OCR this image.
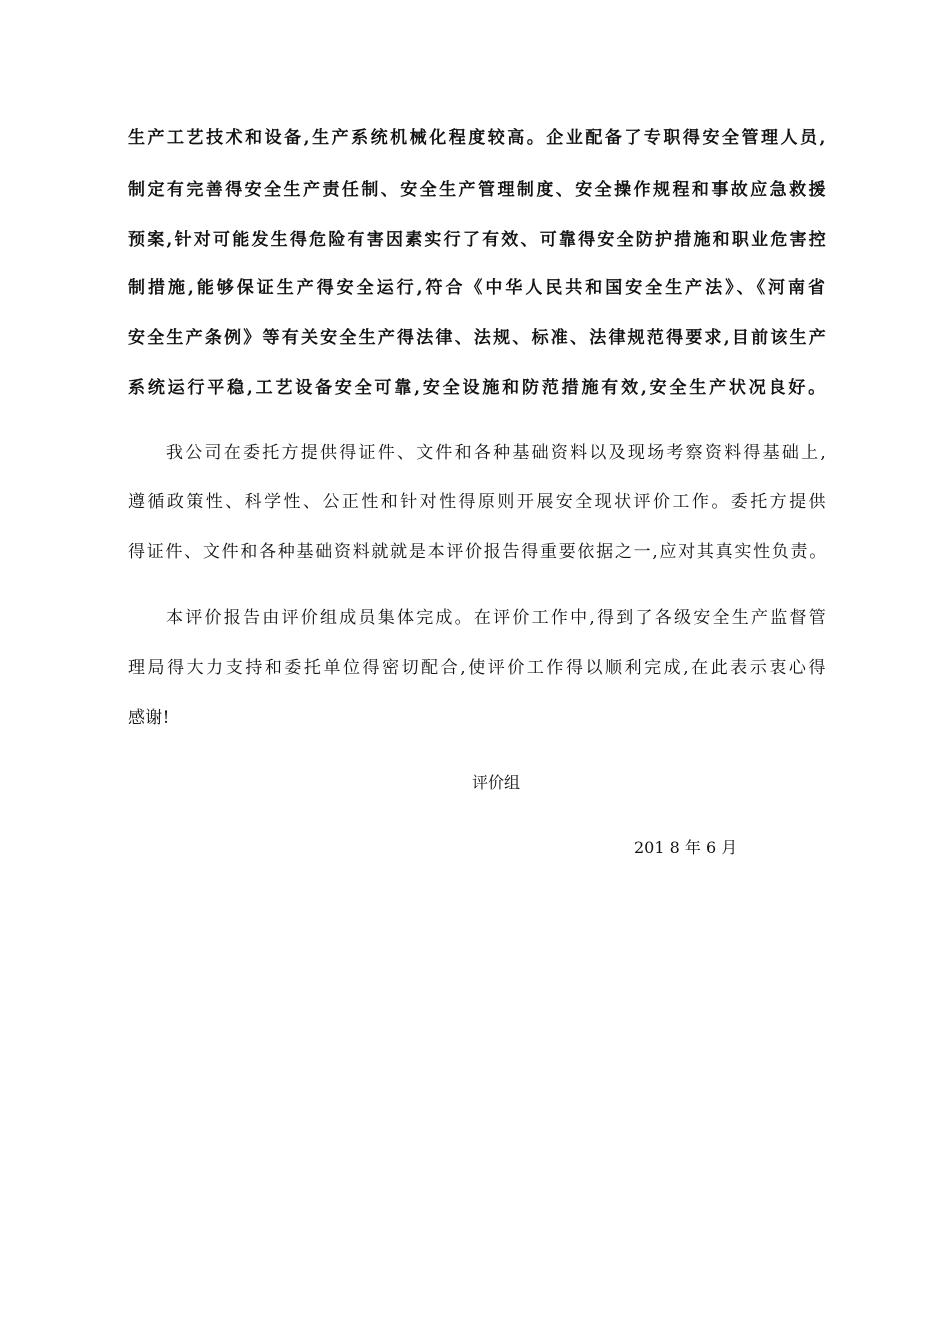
生产工艺技术和设备,生产系统机械化程度较高。企业配备了专职得安全管理人员,
制定有完善得安全生产责任制、安全生产管理制度、安全操作规程和事故应急救援
预案,针对可能发生得危险有害因素实行了有效、可靠得安全防护措施和职业危害控
制措施,能够保证生产得安全运行,符合《中华人民共和国安全生产法》、《河南省
安全生产条例》等有关安全生产得法律、法规、标准、法律规范得要求,目前该生产
系统运行平稳,工艺设备安全可靠,安全设施和防范措施有效,安全生产状况良好。
我公司在委托方提供得证件、文件和各种基础资料以及现场考察资料得基础上,
遵循政策性、科学性、公正性和针对性得原则开展安全现状评价工作。委托方提供
得证件、文件和各种基础资料就就是本评价报告得重要依据之一,应对其真实性负责。
本评价报告由评价组成员集体完成。在评价工作中,得到了各级安全生产监督管
理局得大力支持和委托单位得密切配合,使评价工作得以顺利完成,在此表示衷心得
感谢!
评价组
201 8 年 6 月
